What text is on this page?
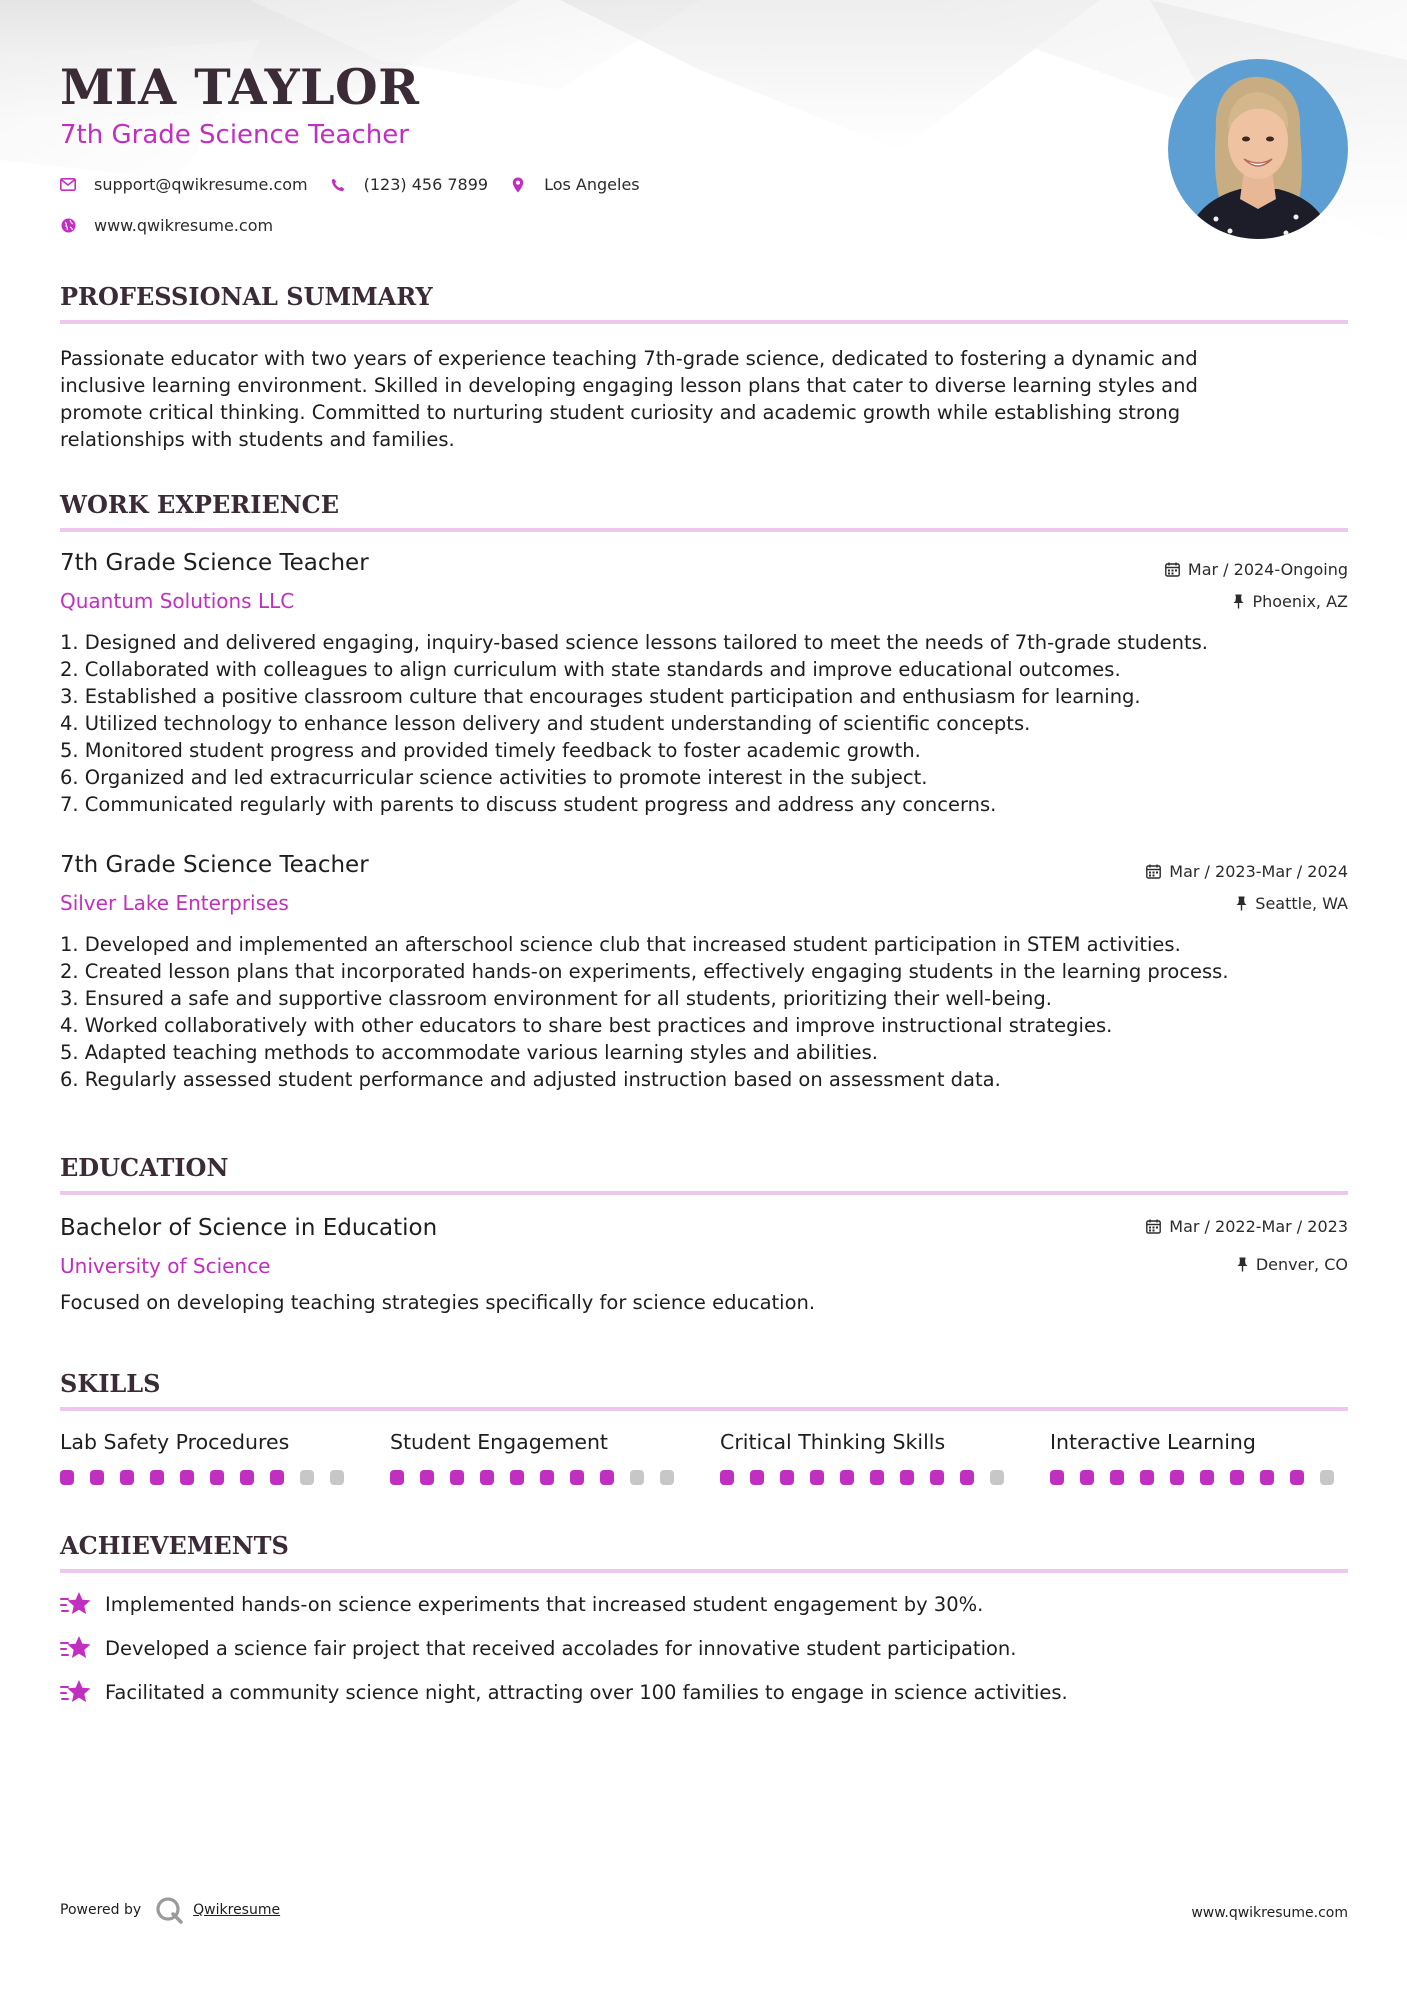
MIA TAYLOR
7th Grade Science Teacher
support@qwikresume.com	(123) 456 7899	Los Angeles
www.qwikresume.com
PROFESSIONAL SUMMARY
Passionate educator with two years of experience teaching 7th-grade science, dedicated to fostering a dynamic and
inclusive learning environment. Skilled in developing engaging lesson plans that cater to diverse learning styles and
promote critical thinking. Committed to nurturing student curiosity and academic growth while establishing strong
relationships with students and families.
WORK EXPERIENCE
7th Grade Science Teacher
Quantum Solutions LLC
Mar / 2024-Ongoing
Phoenix, AZ
1. Designed and delivered engaging, inquiry-based science lessons tailored to meet the needs of 7th-grade students.
2. Collaborated with colleagues to align curriculum with state standards and improve educational outcomes.
3. Established a positive classroom culture that encourages student participation and enthusiasm for learning.
4. Utilized technology to enhance lesson delivery and student understanding of scientific concepts.
5. Monitored student progress and provided timely feedback to foster academic growth.
6. Organized and led extracurricular science activities to promote interest in the subject.
7. Communicated regularly with parents to discuss student progress and address any concerns.
7th Grade Science Teacher
Silver Lake Enterprises
Mar / 2023-Mar / 2024
Seattle, WA
1. Developed and implemented an afterschool science club that increased student participation in STEM activities.
2. Created lesson plans that incorporated hands-on experiments, effectively engaging students in the learning process.
3. Ensured a safe and supportive classroom environment for all students, prioritizing their well-being.
4. Worked collaboratively with other educators to share best practices and improve instructional strategies.
5. Adapted teaching methods to accommodate various learning styles and abilities.
6. Regularly assessed student performance and adjusted instruction based on assessment data.
EDUCATION
Bachelor of Science in Education
University of Science
Mar / 2022-Mar / 2023
Denver, CO
Focused on developing teaching strategies specifically for science education.
SKILLS
Lab Safety Procedures	Student Engagement	Critical Thinking Skills	Interactive Learning
ACHIEVEMENTS
Implemented hands-on science experiments that increased student engagement by 30%.
Developed a science fair project that received accolades for innovative student participation.
Facilitated a community science night, attracting over 100 families to engage in science activities.
Powered by	Qwikresume	www.qwikresume.com
